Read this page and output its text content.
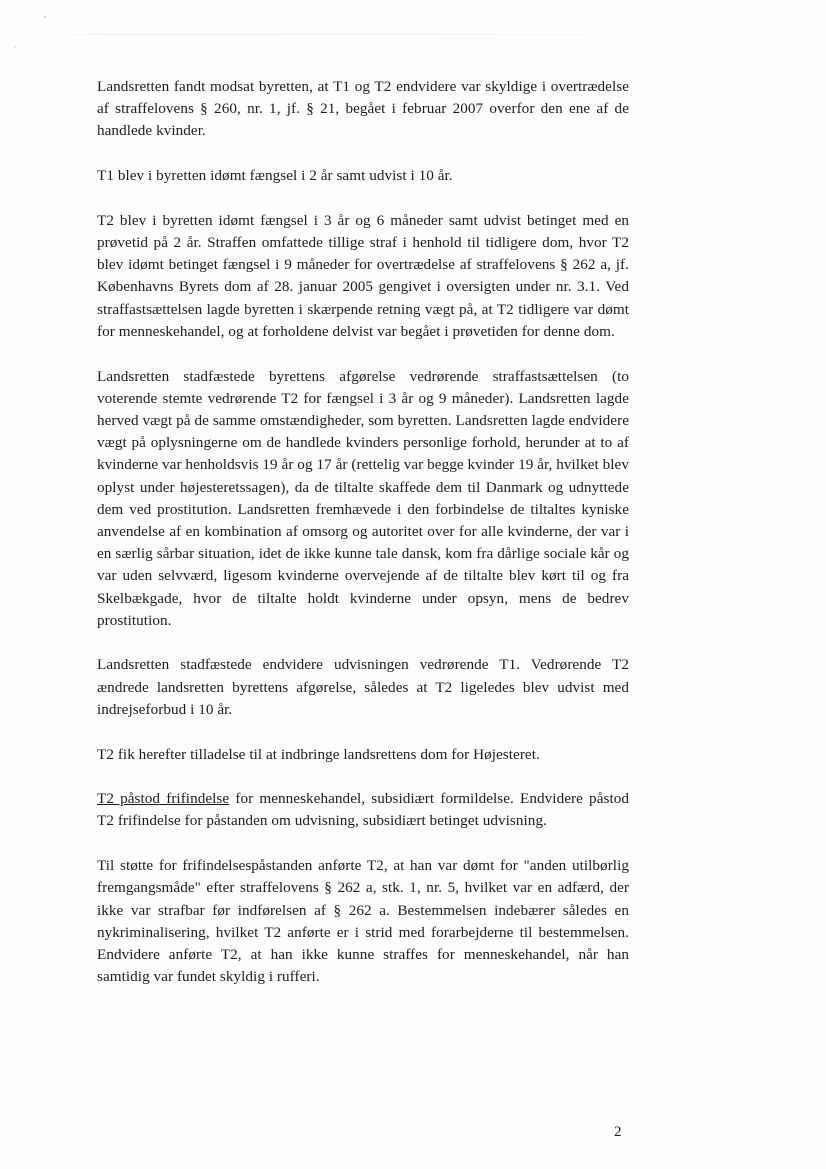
Landsretten fandt modsat byretten, at T1 og T2 endvidere var skyldige i overtrædelse af straffelovens § 260, nr. 1, jf. § 21, begået i februar 2007 overfor den ene af de handlede kvinder.

T1 blev i byretten idømt fængsel i 2 år samt udvist i 10 år.

T2 blev i byretten idømt fængsel i 3 år og 6 måneder samt udvist betinget med en prøvetid på 2 år. Straffen omfattede tillige straf i henhold til tidligere dom, hvor T2 blev idømt betinget fængsel i 9 måneder for overtrædelse af straffelovens § 262 a, jf. Københavns Byrets dom af 28. januar 2005 gengivet i oversigten under nr. 3.1. Ved straffastsættelsen lagde byretten i skærpende retning vægt på, at T2 tidligere var dømt for menneskehandel, og at forholdene delvist var begået i prøvetiden for denne dom.

Landsretten stadfæstede byrettens afgørelse vedrørende straffastsættelsen (to voterende stemte vedrørende T2 for fængsel i 3 år og 9 måneder). Landsretten lagde herved vægt på de samme omstændigheder, som byretten. Landsretten lagde endvidere vægt på oplysningerne om de handlede kvinders personlige forhold, herunder at to af kvinderne var henholdsvis 19 år og 17 år (rettelig var begge kvinder 19 år, hvilket blev oplyst under højesteretssagen), da de tiltalte skaffede dem til Danmark og udnyttede dem ved prostitution. Landsretten fremhævede i den forbindelse de tiltaltes kyniske anvendelse af en kombination af omsorg og autoritet over for alle kvinderne, der var i en særlig sårbar situation, idet de ikke kunne tale dansk, kom fra dårlige sociale kår og var uden selvværd, ligesom kvinderne overvejende af de tiltalte blev kørt til og fra Skelbækgade, hvor de tiltalte holdt kvinderne under opsyn, mens de bedrev prostitution.

Landsretten stadfæstede endvidere udvisningen vedrørende T1. Vedrørende T2 ændrede landsretten byrettens afgørelse, således at T2 ligeledes blev udvist med indrejseforbud i 10 år.

T2 fik herefter tilladelse til at indbringe landsrettens dom for Højesteret.

T2 påstod frifindelse for menneskehandel, subsidiært formildelse. Endvidere påstod T2 frifindelse for påstanden om udvisning, subsidiært betinget udvisning.

Til støtte for frifindelsespåstanden anførte T2, at han var dømt for "anden utilbørlig fremgangsmåde" efter straffelovens § 262 a, stk. 1, nr. 5, hvilket var en adfærd, der ikke var strafbar før indførelsen af § 262 a. Bestemmelsen indebærer således en nykriminalisering, hvilket T2 anførte er i strid med forarbejderne til bestemmelsen. Endvidere anførte T2, at han ikke kunne straffes for menneskehandel, når han samtidig var fundet skyldig i rufferi.

2
